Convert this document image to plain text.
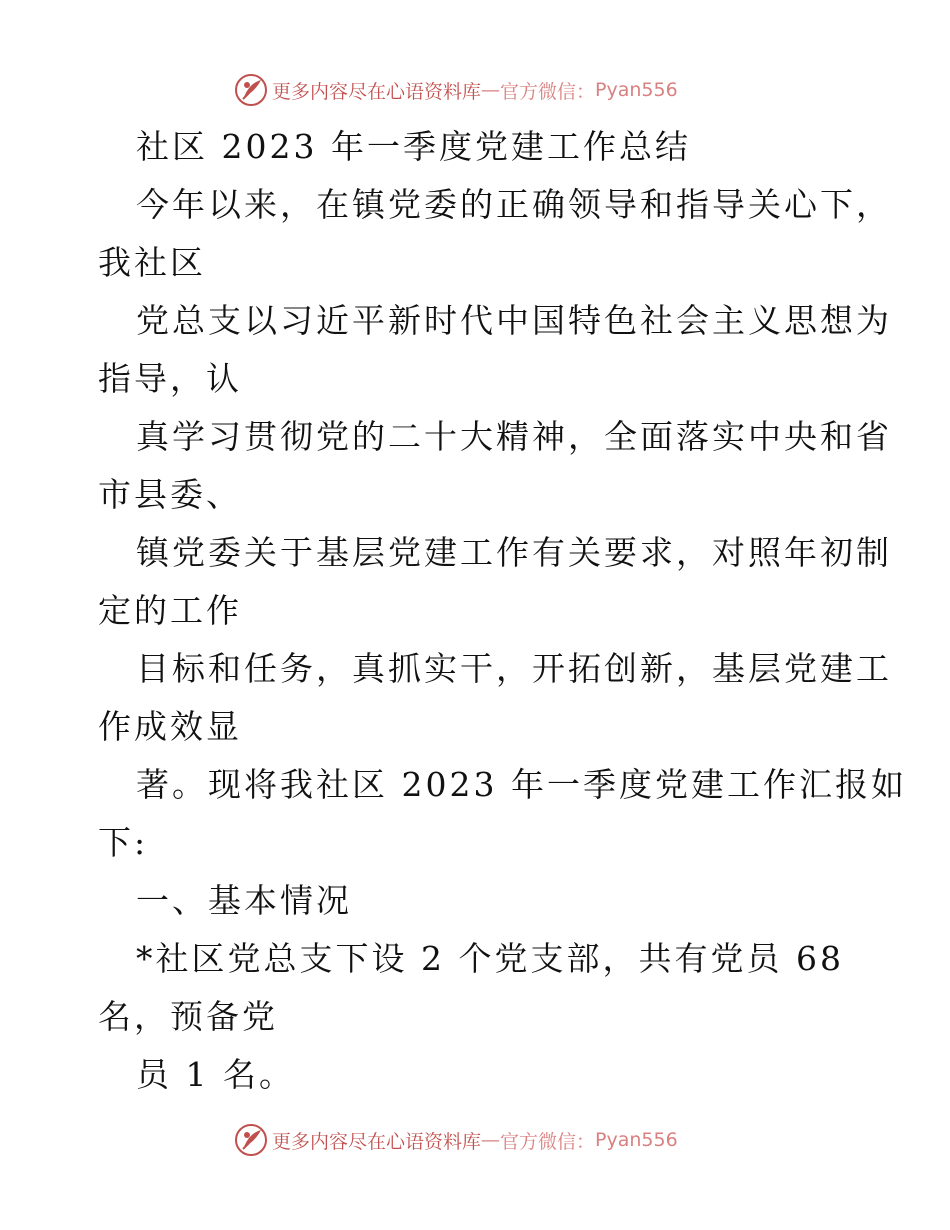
更多内容尽在心语资料库 — 官方微信： Pyan556
社区 2023 年一季度党建工作总结
今年以来，在镇党委的正确领导和指导关心下，
我社区
党总支以习近平新时代中国特色社会主义思想为
指导，认
真学习贯彻党的二十大精神，全面落实中央和省
市县委、
镇党委关于基层党建工作有关要求，对照年初制
定的工作
目标和任务，真抓实干，开拓创新，基层党建工
作成效显
著。现将我社区 2023 年一季度党建工作汇报如
下:
一、基本情况
*社区党总支下设 2 个党支部，共有党员 68
名，预备党
员 1 名。
更多内容尽在心语资料库 — 官方微信： Pyan556
